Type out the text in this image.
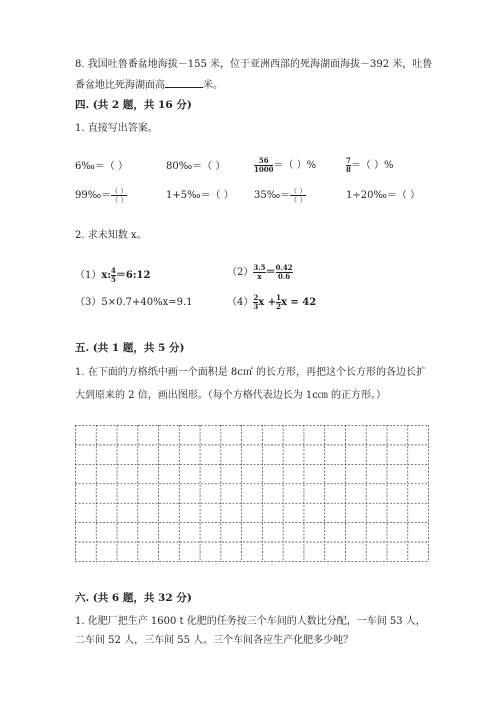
8. 我国吐鲁番盆地海拔－155 米，位于亚洲西部的死海湖面海拔－392 米，吐鲁
番盆地比死海湖面高	米。
四. (共 2 题，共 16 分)
1. 直接写出答案。
6‰＝（ ）	80‰＝（ ）	$\frac{56}{1000}$ ＝（ ）%	$\frac{7}{8}$ ＝（ ）%
99‰＝ $\frac{( )}{( )}$	1+5‰＝（ ） 35‰＝ $\frac{( )}{( )}$	1÷20‰＝（ ）
2. 求未知数 x。
（1）x: $\frac{4}{5}$ ＝6:12	$(2) \frac{3.5}{x} = \frac{0.42}{0.6}$
（3）5×0.7+40%x=9.1	$(4) \frac{2}{3}$ $x + \frac{1}{2}$ x = 42
五. (共 1 题，共 5 分)
1. 在下面的方格纸中画一个面积是 8c㎡ 的长方形，再把这个长方形的各边长扩
大到原来的 2 倍，画出图形。（每个方格代表边长为 1c㎝ 的正方形。）
六. (共 6 题，共 32 分)
1. 化肥厂把生产 1600 t 化肥的任务按三个车间的人数比分配，一车间 53 人，
二车间 52 人，三车间 55 人。三个车间各应生产化肥多少吨？
